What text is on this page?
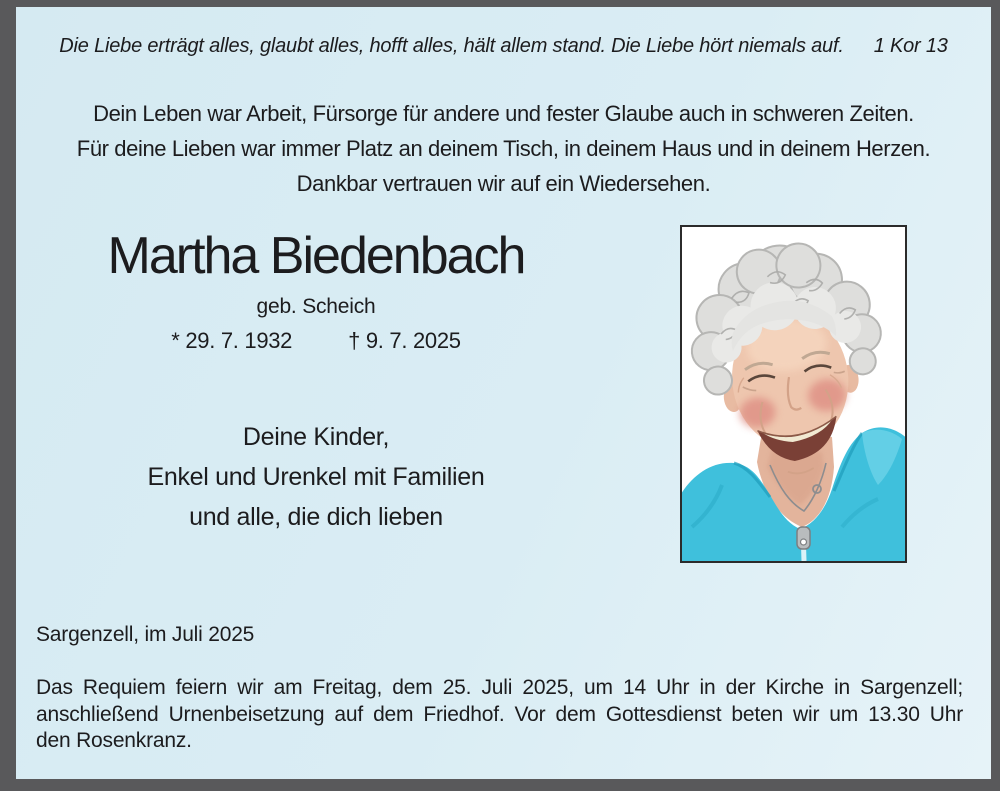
Die Liebe erträgt alles, glaubt alles, hofft alles, hält allem stand. Die Liebe hört niemals auf. 1 Kor 13
Dein Leben war Arbeit, Fürsorge für andere und fester Glaube auch in schweren Zeiten.
Für deine Lieben war immer Platz an deinem Tisch, in deinem Haus und in deinem Herzen.
Dankbar vertrauen wir auf ein Wiedersehen.
Martha Biedenbach
geb. Scheich
* 29. 7. 1932	† 9. 7. 2025
Deine Kinder,
Enkel und Urenkel mit Familien
und alle, die dich lieben
Sargenzell, im Juli 2025
Das Requiem feiern wir am Freitag, dem 25. Juli 2025, um 14 Uhr in der Kirche in Sargenzell;
anschließend Urnenbeisetzung auf dem Friedhof. Vor dem Gottesdienst beten wir um 13.30 Uhr
den Rosenkranz.
